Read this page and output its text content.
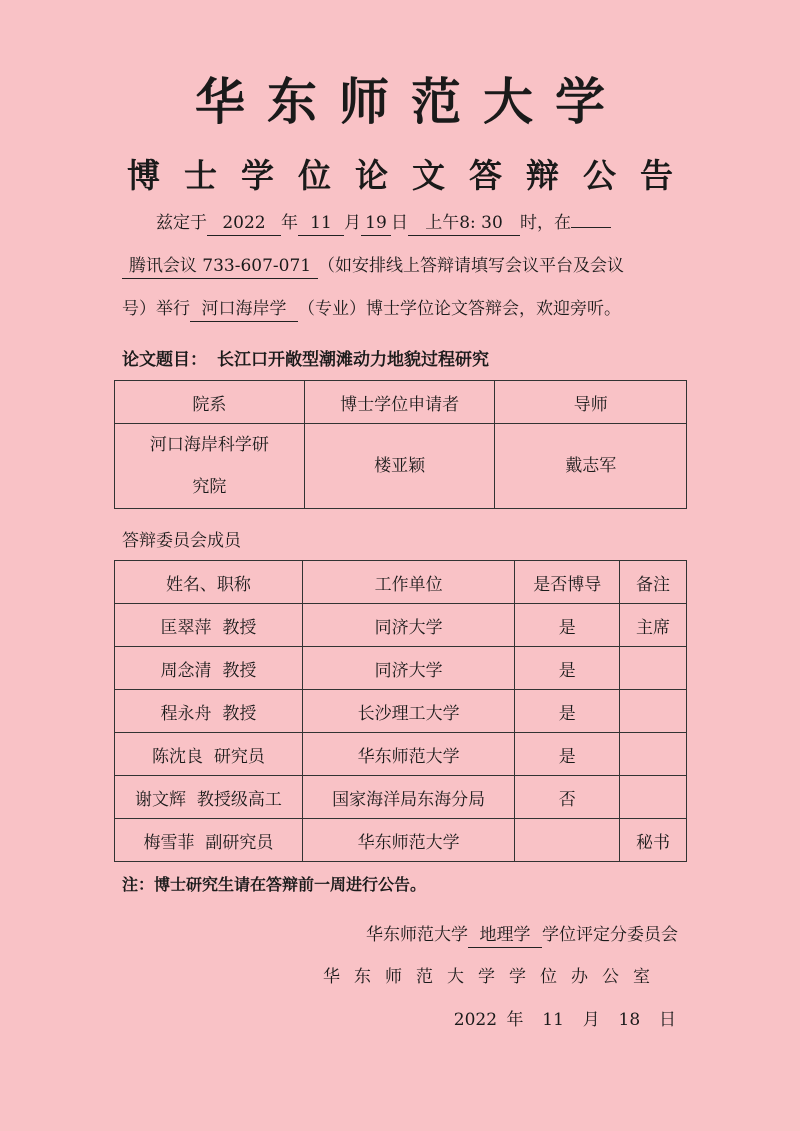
华东师范大学
博士学位论文答辩公告
兹定于 2022 年 11 月 19 日 上午8: 30 时，在
腾讯会议 733-607-071 （如安排线上答辩请填写会议平台及会议
号）举行 河口海岸学 （专业）博士学位论文答辩会，欢迎旁听。
论文题目： 长江口开敞型潮滩动力地貌过程研究
院系	博士学位申请者	导师

河口海岸科学研究院	楼亚颖	戴志军
答辩委员会成员
姓名、职称	工作单位	是否博导	备注
匡翠萍  教授	同济大学	是	主席
周念清  教授	同济大学	是	
程永舟  教授	长沙理工大学	是	
陈沈良  研究员	华东师范大学	是	
谢文辉  教授级高工	国家海洋局东海分局	否	
梅雪菲  副研究员	华东师范大学		秘书
注：博士研究生请在答辩前一周进行公告。
华东师范大学 地理学 学位评定分委员会
华东师范大学学位办公室
2022 年 11 月 18 日
